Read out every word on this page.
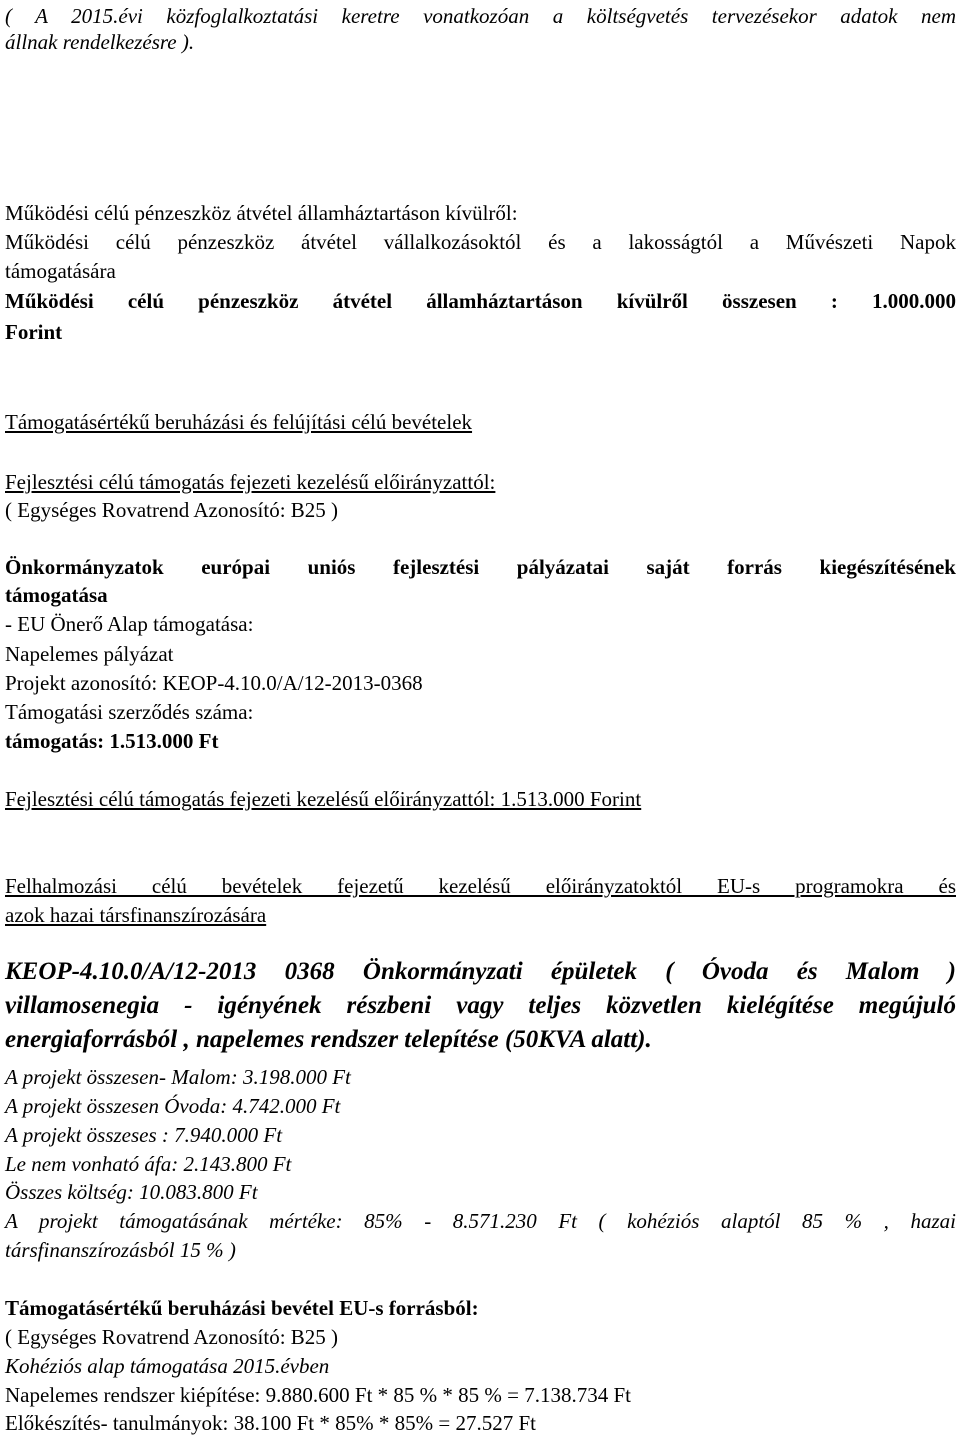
( A 2015.évi közfoglalkoztatási keretre vonatkozóan a költségvetés tervezésekor adatok nem
állnak rendelkezésre ).
Működési célú pénzeszköz átvétel államháztartáson kívülről:
Működési célú pénzeszköz átvétel vállalkozásoktól és a lakosságtól a Művészeti Napok
támogatására
Működési célú pénzeszköz átvétel államháztartáson kívülről összesen : 1.000.000
Forint
Támogatásértékű beruházási és felújítási célú bevételek
Fejlesztési célú támogatás fejezeti kezelésű előirányzattól:
( Egységes Rovatrend Azonosító: B25 )
Önkormányzatok európai uniós fejlesztési pályázatai saját forrás kiegészítésének
támogatása
- EU Önerő Alap támogatása:
Napelemes pályázat
Projekt azonosító: KEOP-4.10.0/A/12-2013-0368
Támogatási szerződés száma:
támogatás: 1.513.000 Ft
Fejlesztési célú támogatás fejezeti kezelésű előirányzattól: 1.513.000 Forint
Felhalmozási célú bevételek fejezetű kezelésű előirányzatoktól EU-s programokra és
azok hazai társfinanszírozására
KEOP-4.10.0/A/12-2013 0368 Önkormányzati épületek ( Óvoda és Malom )
villamosenegia - igényének részbeni vagy teljes közvetlen kielégítése megújuló
energiaforrásból , napelemes rendszer telepítése (50KVA alatt).
A projekt összesen- Malom: 3.198.000 Ft
A projekt összesen Óvoda: 4.742.000 Ft
A projekt összeses : 7.940.000 Ft
Le nem vonható áfa: 2.143.800 Ft
Összes költség: 10.083.800 Ft
A projekt támogatásának mértéke: 85% - 8.571.230 Ft ( kohéziós alaptól 85 % , hazai
társfinanszírozásból 15 % )
Támogatásértékű beruházási bevétel EU-s forrásból:
( Egységes Rovatrend Azonosító: B25 )
Kohéziós alap támogatása 2015.évben
Napelemes rendszer kiépítése: 9.880.600 Ft * 85 % * 85 % = 7.138.734 Ft
Előkészítés- tanulmányok: 38.100 Ft * 85% * 85% = 27.527 Ft
